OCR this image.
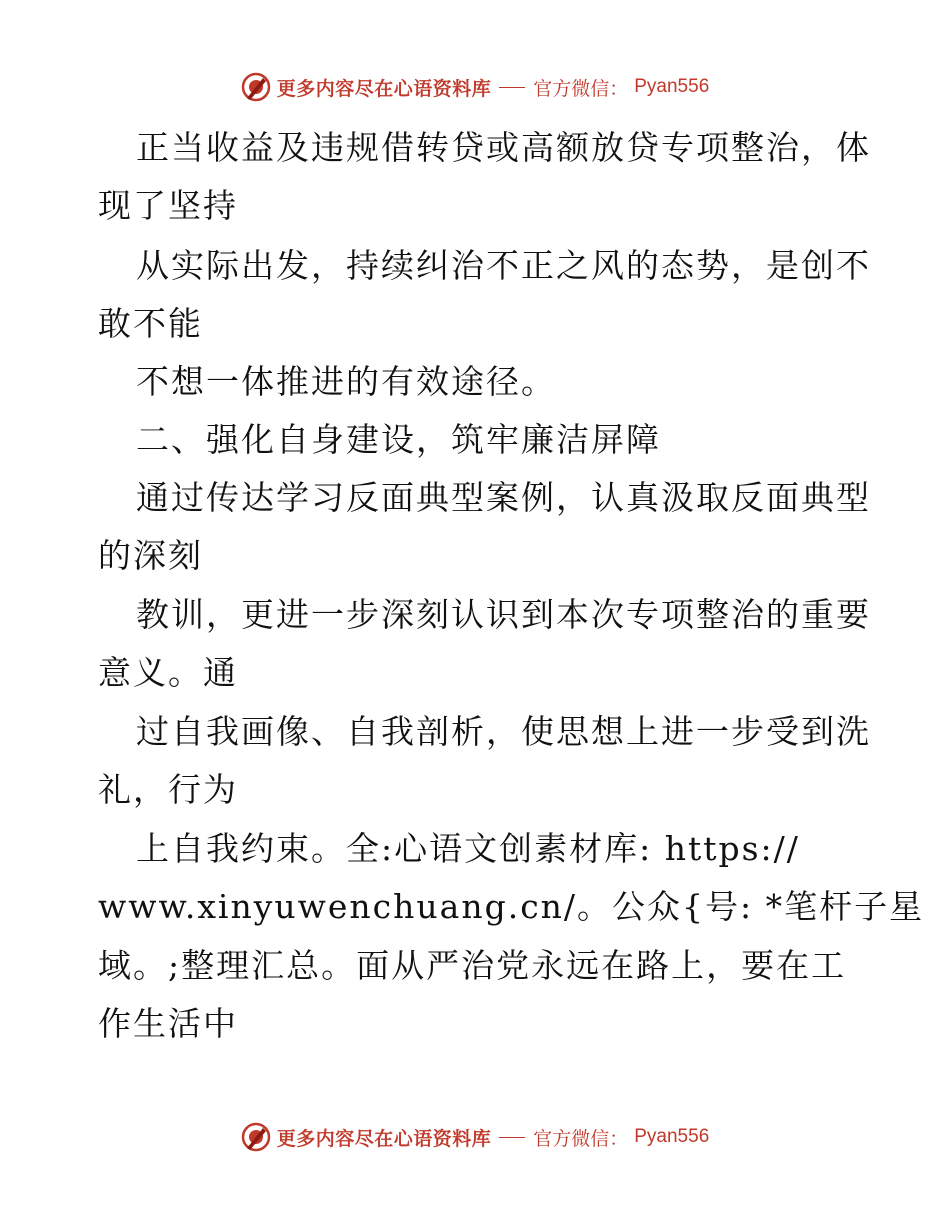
更多内容尽在心语资料库 官方微信： Pyan556
正当收益及违规借转贷或高额放贷专项整治，体
现了坚持
从实际出发，持续纠治不正之风的态势，是创不
敢不能
不想一体推进的有效途径。
二、强化自身建设，筑牢廉洁屏障
通过传达学习反面典型案例，认真汲取反面典型
的深刻
教训，更进一步深刻认识到本次专项整治的重要
意义。通
过自我画像、自我剖析，使思想上进一步受到洗
礼，行为
上自我约束。全:心语文创素材库: https://
www.xinyuwenchuang.cn/。公众{号: *笔杆子星
域。;整理汇总。面从严治党永远在路上，要在工
作生活中
更多内容尽在心语资料库 官方微信： Pyan556
